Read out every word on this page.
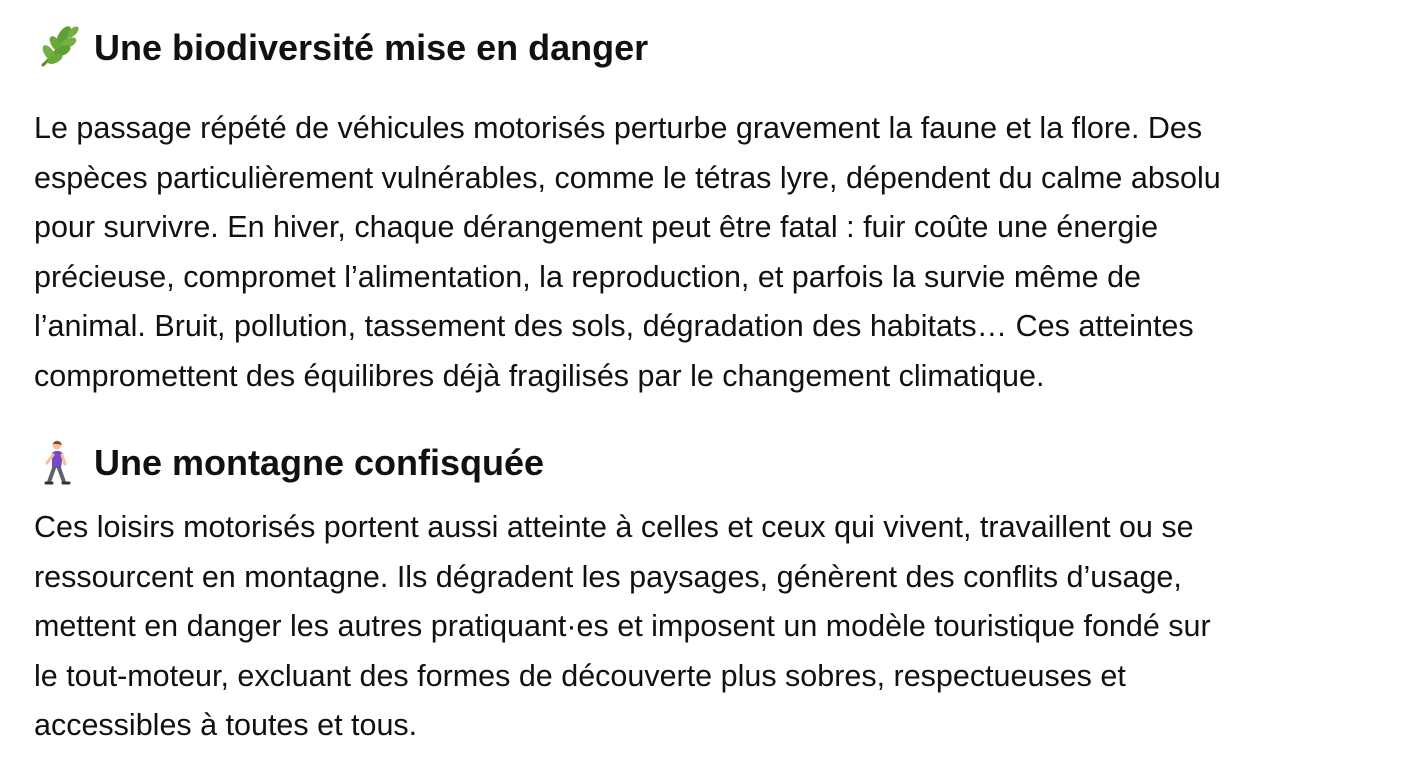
Une biodiversité mise en danger

Le passage répété de véhicules motorisés perturbe gravement la faune et la flore. Des
espèces particulièrement vulnérables, comme le tétras lyre, dépendent du calme absolu
pour survivre. En hiver, chaque dérangement peut être fatal : fuir coûte une énergie
précieuse, compromet l’alimentation, la reproduction, et parfois la survie même de
l’animal. Bruit, pollution, tassement des sols, dégradation des habitats… Ces atteintes
compromettent des équilibres déjà fragilisés par le changement climatique.

Une montagne confisquée

Ces loisirs motorisés portent aussi atteinte à celles et ceux qui vivent, travaillent ou se
ressourcent en montagne. Ils dégradent les paysages, génèrent des conflits d’usage,
mettent en danger les autres pratiquant·es et imposent un modèle touristique fondé sur
le tout-moteur, excluant des formes de découverte plus sobres, respectueuses et
accessibles à toutes et tous.
